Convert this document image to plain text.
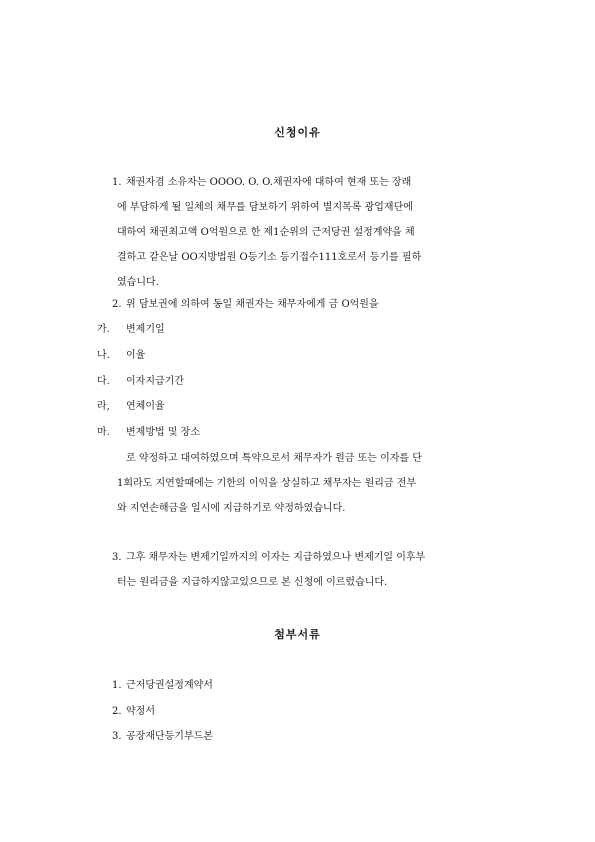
신청이유
1. 채권자겸 소유자는 OOOO. O. O.채권자에 대하여 현재 또는 장래
에 부담하게 될 일체의 채무를 담보하기 위하여 별지목록 광업재단에
대하여 채권최고액 O억원으로 한 제1순위의 근저당권 설정계약을 체
결하고 같은날 OO지방법원 O등기소 등기접수111호로서 등기를 필하
였습니다.
2. 위 담보권에 의하여 동일 채권자는 채무자에게 금 O억원을
가. 변제기일
나. 이율
다. 이자지급기간
라, 연체이율
마. 변제방법 및 장소
로 약정하고 대여하였으며 특약으로서 채무자가 원금 또는 이자를 단
1회라도 지연할때에는 기한의 이익을 상실하고 채무자는 원리금 전부
와 지연손해금을 일시에 지급하기로 약정하였습니다.
3. 그후 채무자는 변제기일까지의 이자는 지급하였으나 변제기일 이후부
터는 원리금을 지급하지않고있으므로 본 신청에 이르렀습니다.
첨부서류
1. 근저당권설정계약서
2. 약정서
3. 공장재단등기부드본
